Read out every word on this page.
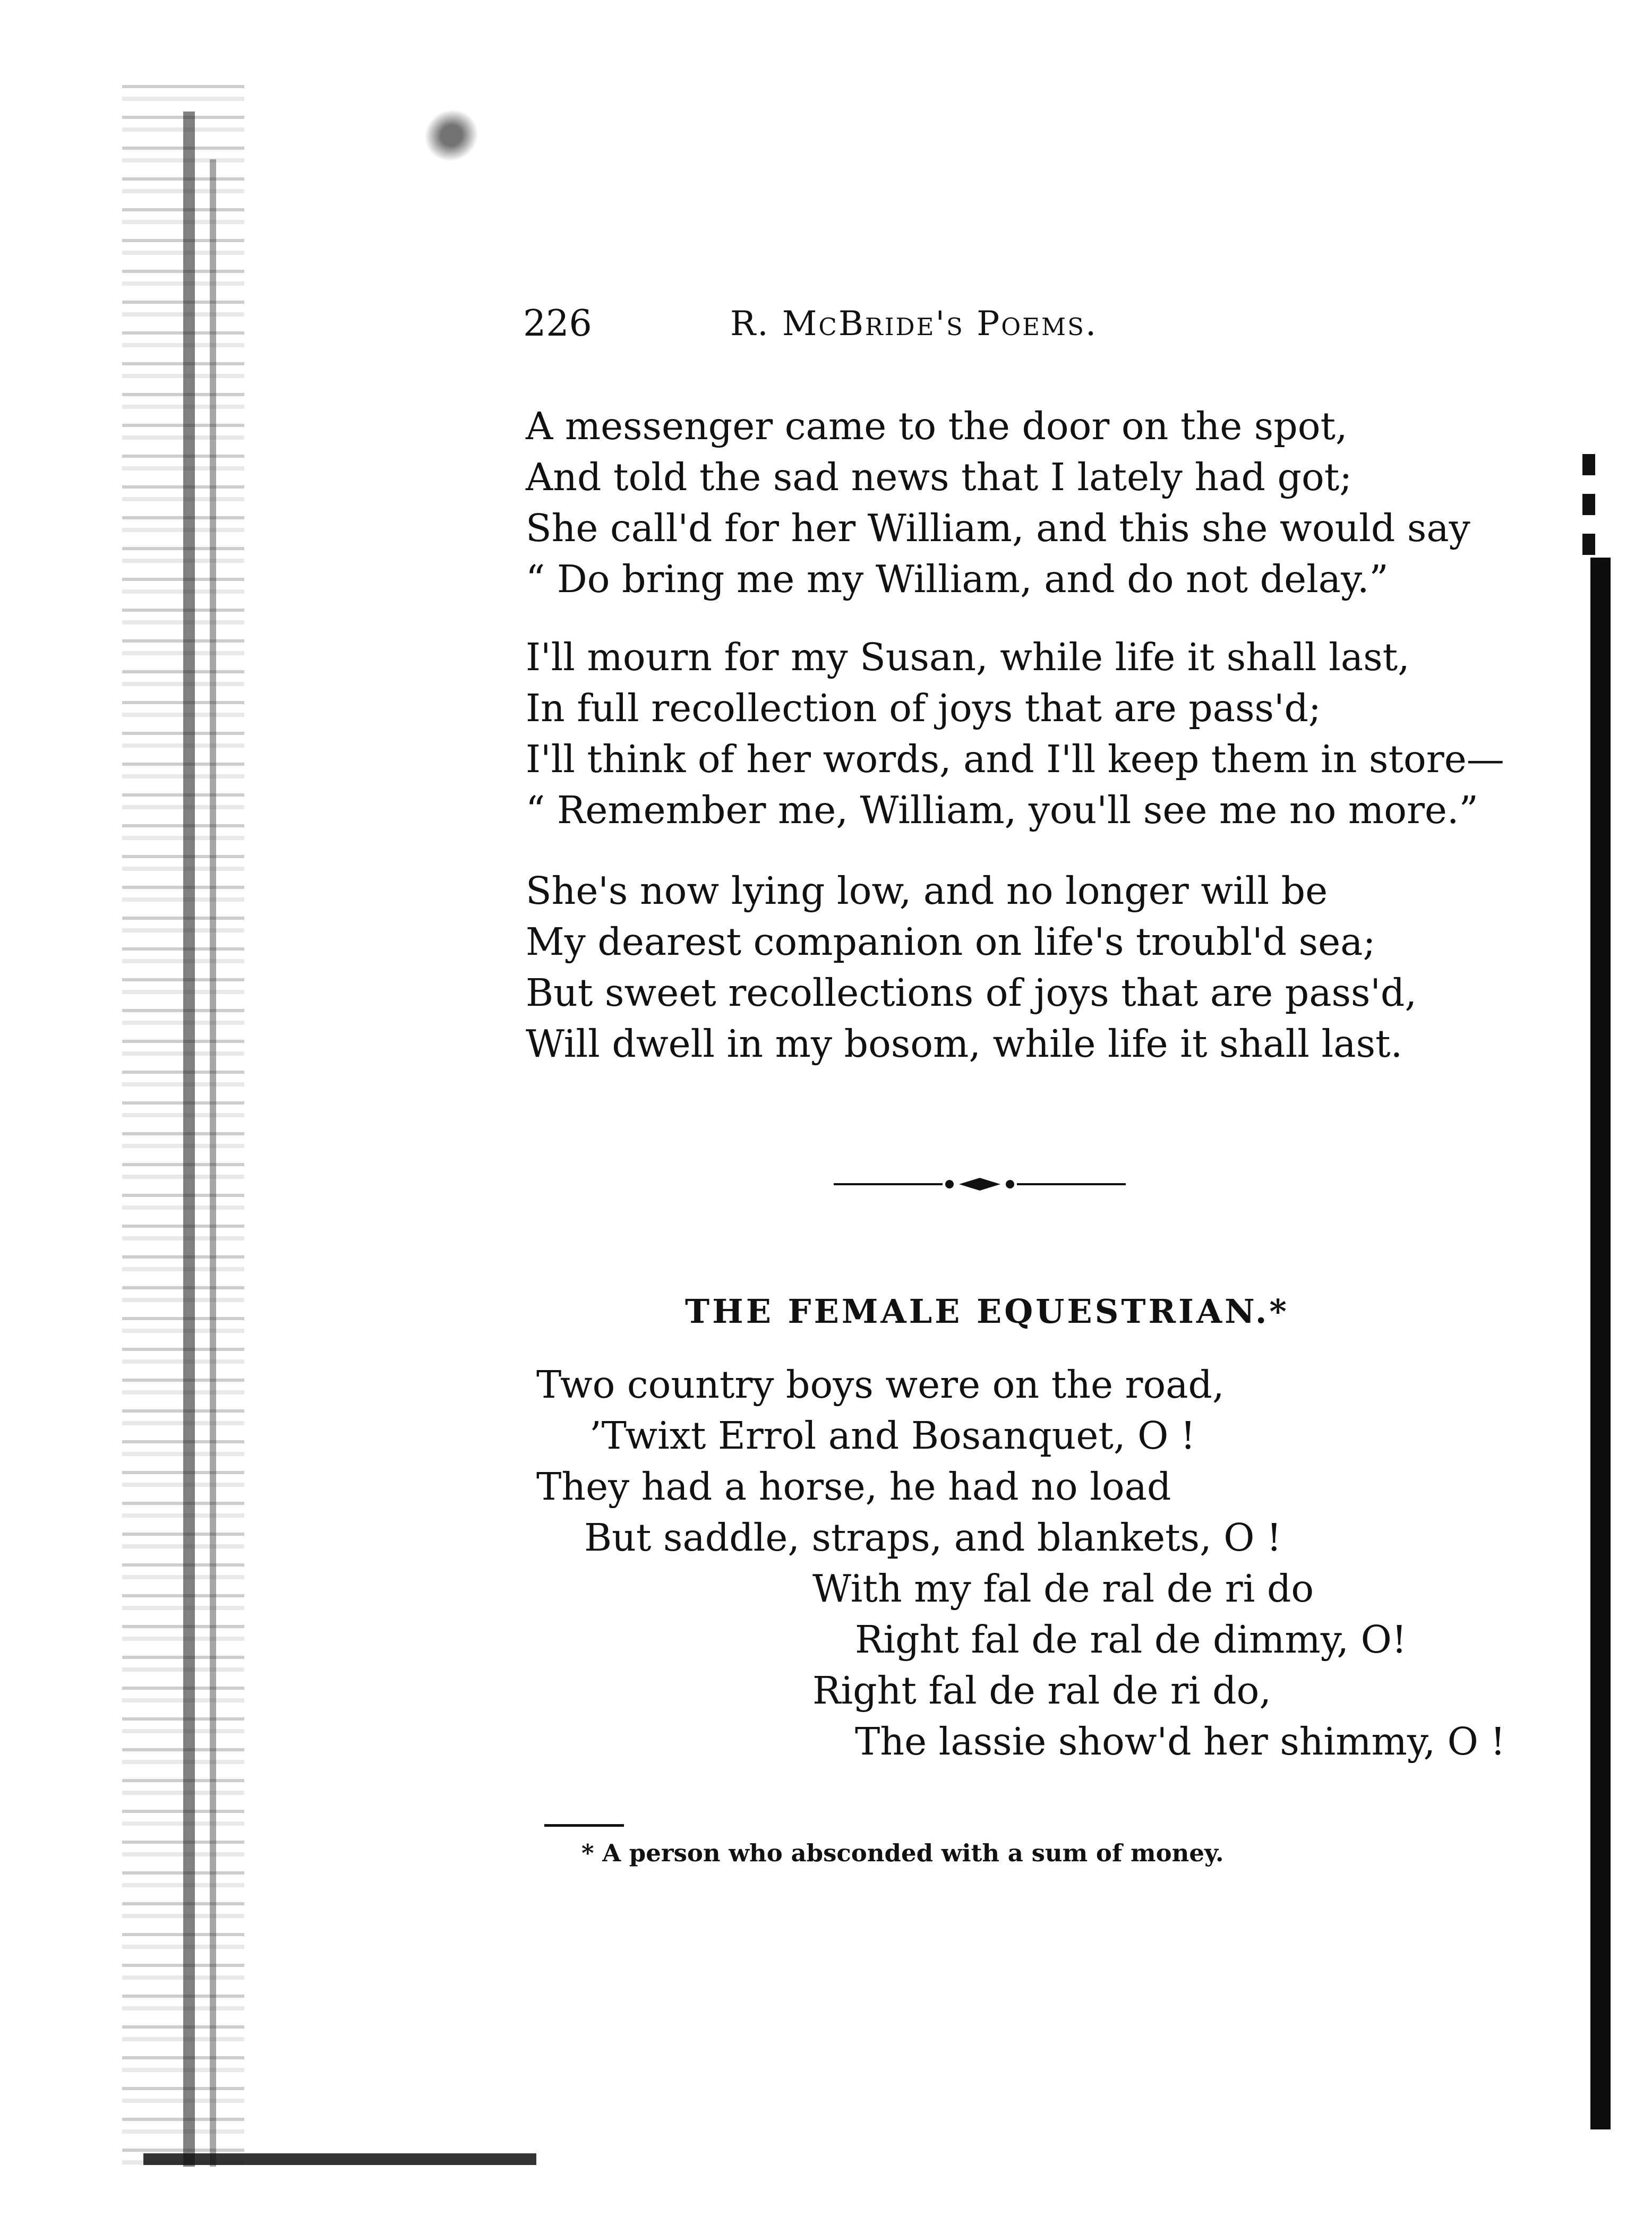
226	R. McBride's Poems.
A messenger came to the door on the spot,
And told the sad news that I lately had got;
She call'd for her William, and this she would say
“ Do bring me my William, and do not delay.”
I'll mourn for my Susan, while life it shall last,
In full recollection of joys that are pass'd;
I'll think of her words, and I'll keep them in store—
“ Remember me, William, you'll see me no more.”
She's now lying low, and no longer will be
My dearest companion on life's troubl'd sea;
But sweet recollections of joys that are pass'd,
Will dwell in my bosom, while life it shall last.
THE FEMALE EQUESTRIAN.*
Two country boys were on the road,
’Twixt Errol and Bosanquet, O !
They had a horse, he had no load
But saddle, straps, and blankets, O !
With my fal de ral de ri do
Right fal de ral de dimmy, O!
Right fal de ral de ri do,
The lassie show'd her shimmy, O !
* A person who absconded with a sum of money.
